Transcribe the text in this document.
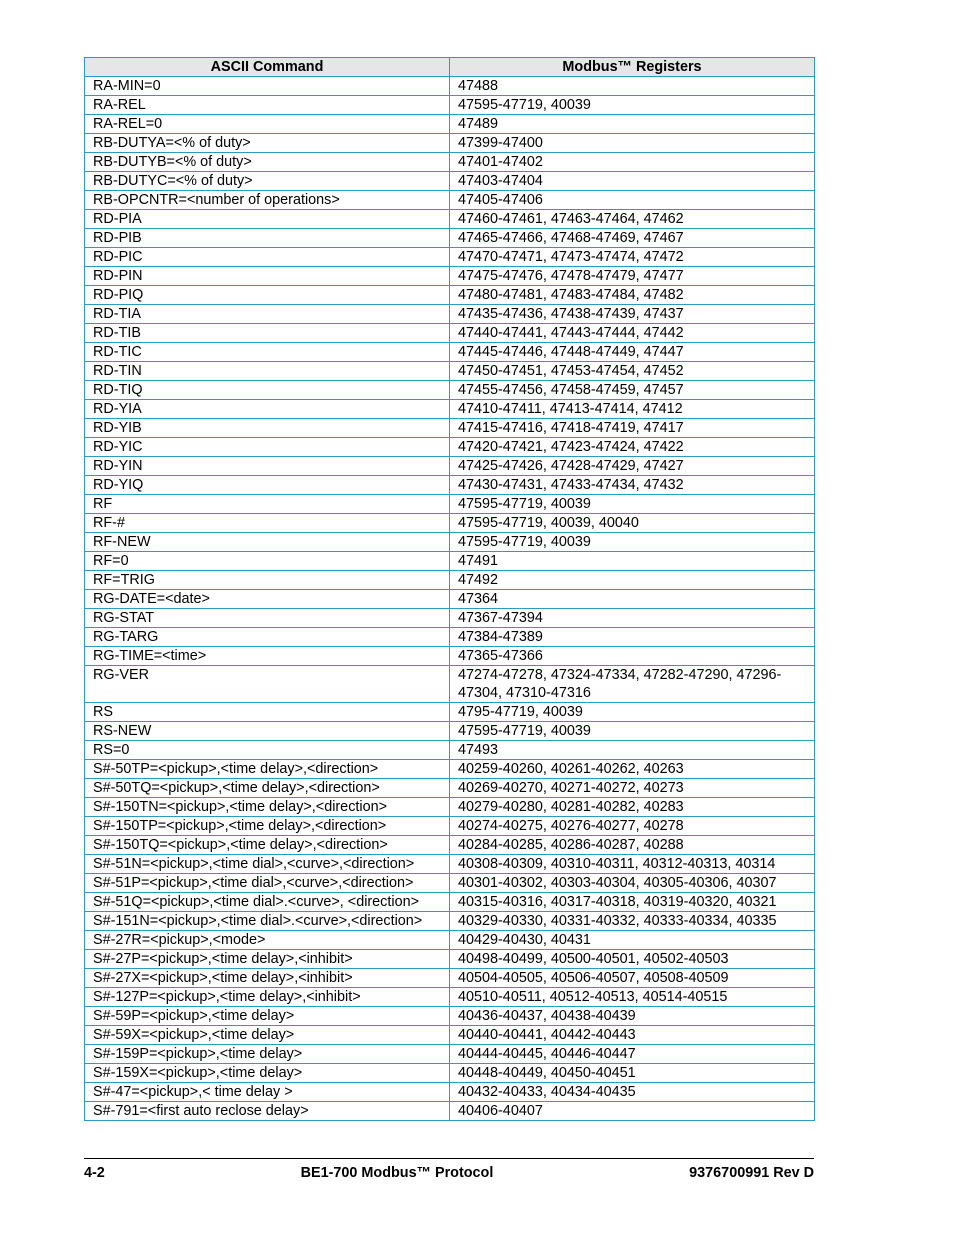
ASCII Command	Modbus™ Registers
RA-MIN=0	47488
RA-REL	47595-47719, 40039
RA-REL=0	47489
RB-DUTYA=<% of duty>	47399-47400
RB-DUTYB=<% of duty>	47401-47402
RB-DUTYC=<% of duty>	47403-47404
RB-OPCNTR=<number of operations>	47405-47406
RD-PIA	47460-47461, 47463-47464, 47462
RD-PIB	47465-47466, 47468-47469, 47467
RD-PIC	47470-47471, 47473-47474, 47472
RD-PIN	47475-47476, 47478-47479, 47477
RD-PIQ	47480-47481, 47483-47484, 47482
RD-TIA	47435-47436, 47438-47439, 47437
RD-TIB	47440-47441, 47443-47444, 47442
RD-TIC	47445-47446, 47448-47449, 47447
RD-TIN	47450-47451, 47453-47454, 47452
RD-TIQ	47455-47456, 47458-47459, 47457
RD-YIA	47410-47411, 47413-47414, 47412
RD-YIB	47415-47416, 47418-47419, 47417
RD-YIC	47420-47421, 47423-47424, 47422
RD-YIN	47425-47426, 47428-47429, 47427
RD-YIQ	47430-47431, 47433-47434, 47432
RF	47595-47719, 40039
RF-#	47595-47719, 40039, 40040
RF-NEW	47595-47719, 40039
RF=0	47491
RF=TRIG	47492
RG-DATE=<date>	47364
RG-STAT	47367-47394
RG-TARG	47384-47389
RG-TIME=<time>	47365-47366
RG-VER	47274-47278, 47324-47334, 47282-47290, 47296-47304, 47310-47316
RS	4795-47719, 40039
RS-NEW	47595-47719, 40039
RS=0	47493
S#-50TP=<pickup>,<time delay>,<direction>	40259-40260, 40261-40262, 40263
S#-50TQ=<pickup>,<time delay>,<direction>	40269-40270, 40271-40272, 40273
S#-150TN=<pickup>,<time delay>,<direction>	40279-40280, 40281-40282, 40283
S#-150TP=<pickup>,<time delay>,<direction>	40274-40275, 40276-40277, 40278
S#-150TQ=<pickup>,<time delay>,<direction>	40284-40285, 40286-40287, 40288
S#-51N=<pickup>,<time dial>,<curve>,<direction>	40308-40309, 40310-40311, 40312-40313, 40314
S#-51P=<pickup>,<time dial>,<curve>,<direction>	40301-40302, 40303-40304, 40305-40306, 40307
S#-51Q=<pickup>,<time dial>.<curve>, <direction>	40315-40316, 40317-40318, 40319-40320, 40321
S#-151N=<pickup>,<time dial>.<curve>,<direction>	40329-40330, 40331-40332, 40333-40334, 40335
S#-27R=<pickup>,<mode>	40429-40430, 40431
S#-27P=<pickup>,<time delay>,<inhibit>	40498-40499, 40500-40501, 40502-40503
S#-27X=<pickup>,<time delay>,<inhibit>	40504-40505, 40506-40507, 40508-40509
S#-127P=<pickup>,<time delay>,<inhibit>	40510-40511, 40512-40513, 40514-40515
S#-59P=<pickup>,<time delay>	40436-40437, 40438-40439
S#-59X=<pickup>,<time delay>	40440-40441, 40442-40443
S#-159P=<pickup>,<time delay>	40444-40445, 40446-40447
S#-159X=<pickup>,<time delay>	40448-40449, 40450-40451
S#-47=<pickup>,< time delay >	40432-40433, 40434-40435
S#-791=<first auto reclose delay>	40406-40407
4-2	BE1-700 Modbus™ Protocol	9376700991 Rev D
